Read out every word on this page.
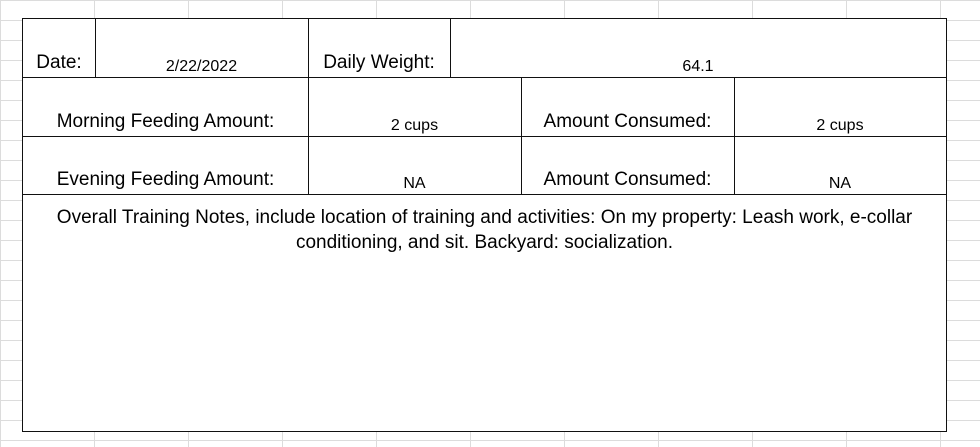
Date:	2/22/2022	Daily Weight:	64.1
Morning Feeding Amount:	2 cups	Amount Consumed:	2 cups
Evening Feeding Amount:	NA	Amount Consumed:	NA
Overall Training Notes, include location of training and activities: On my property: Leash work, e-collar conditioning, and sit. Backyard: socialization.
